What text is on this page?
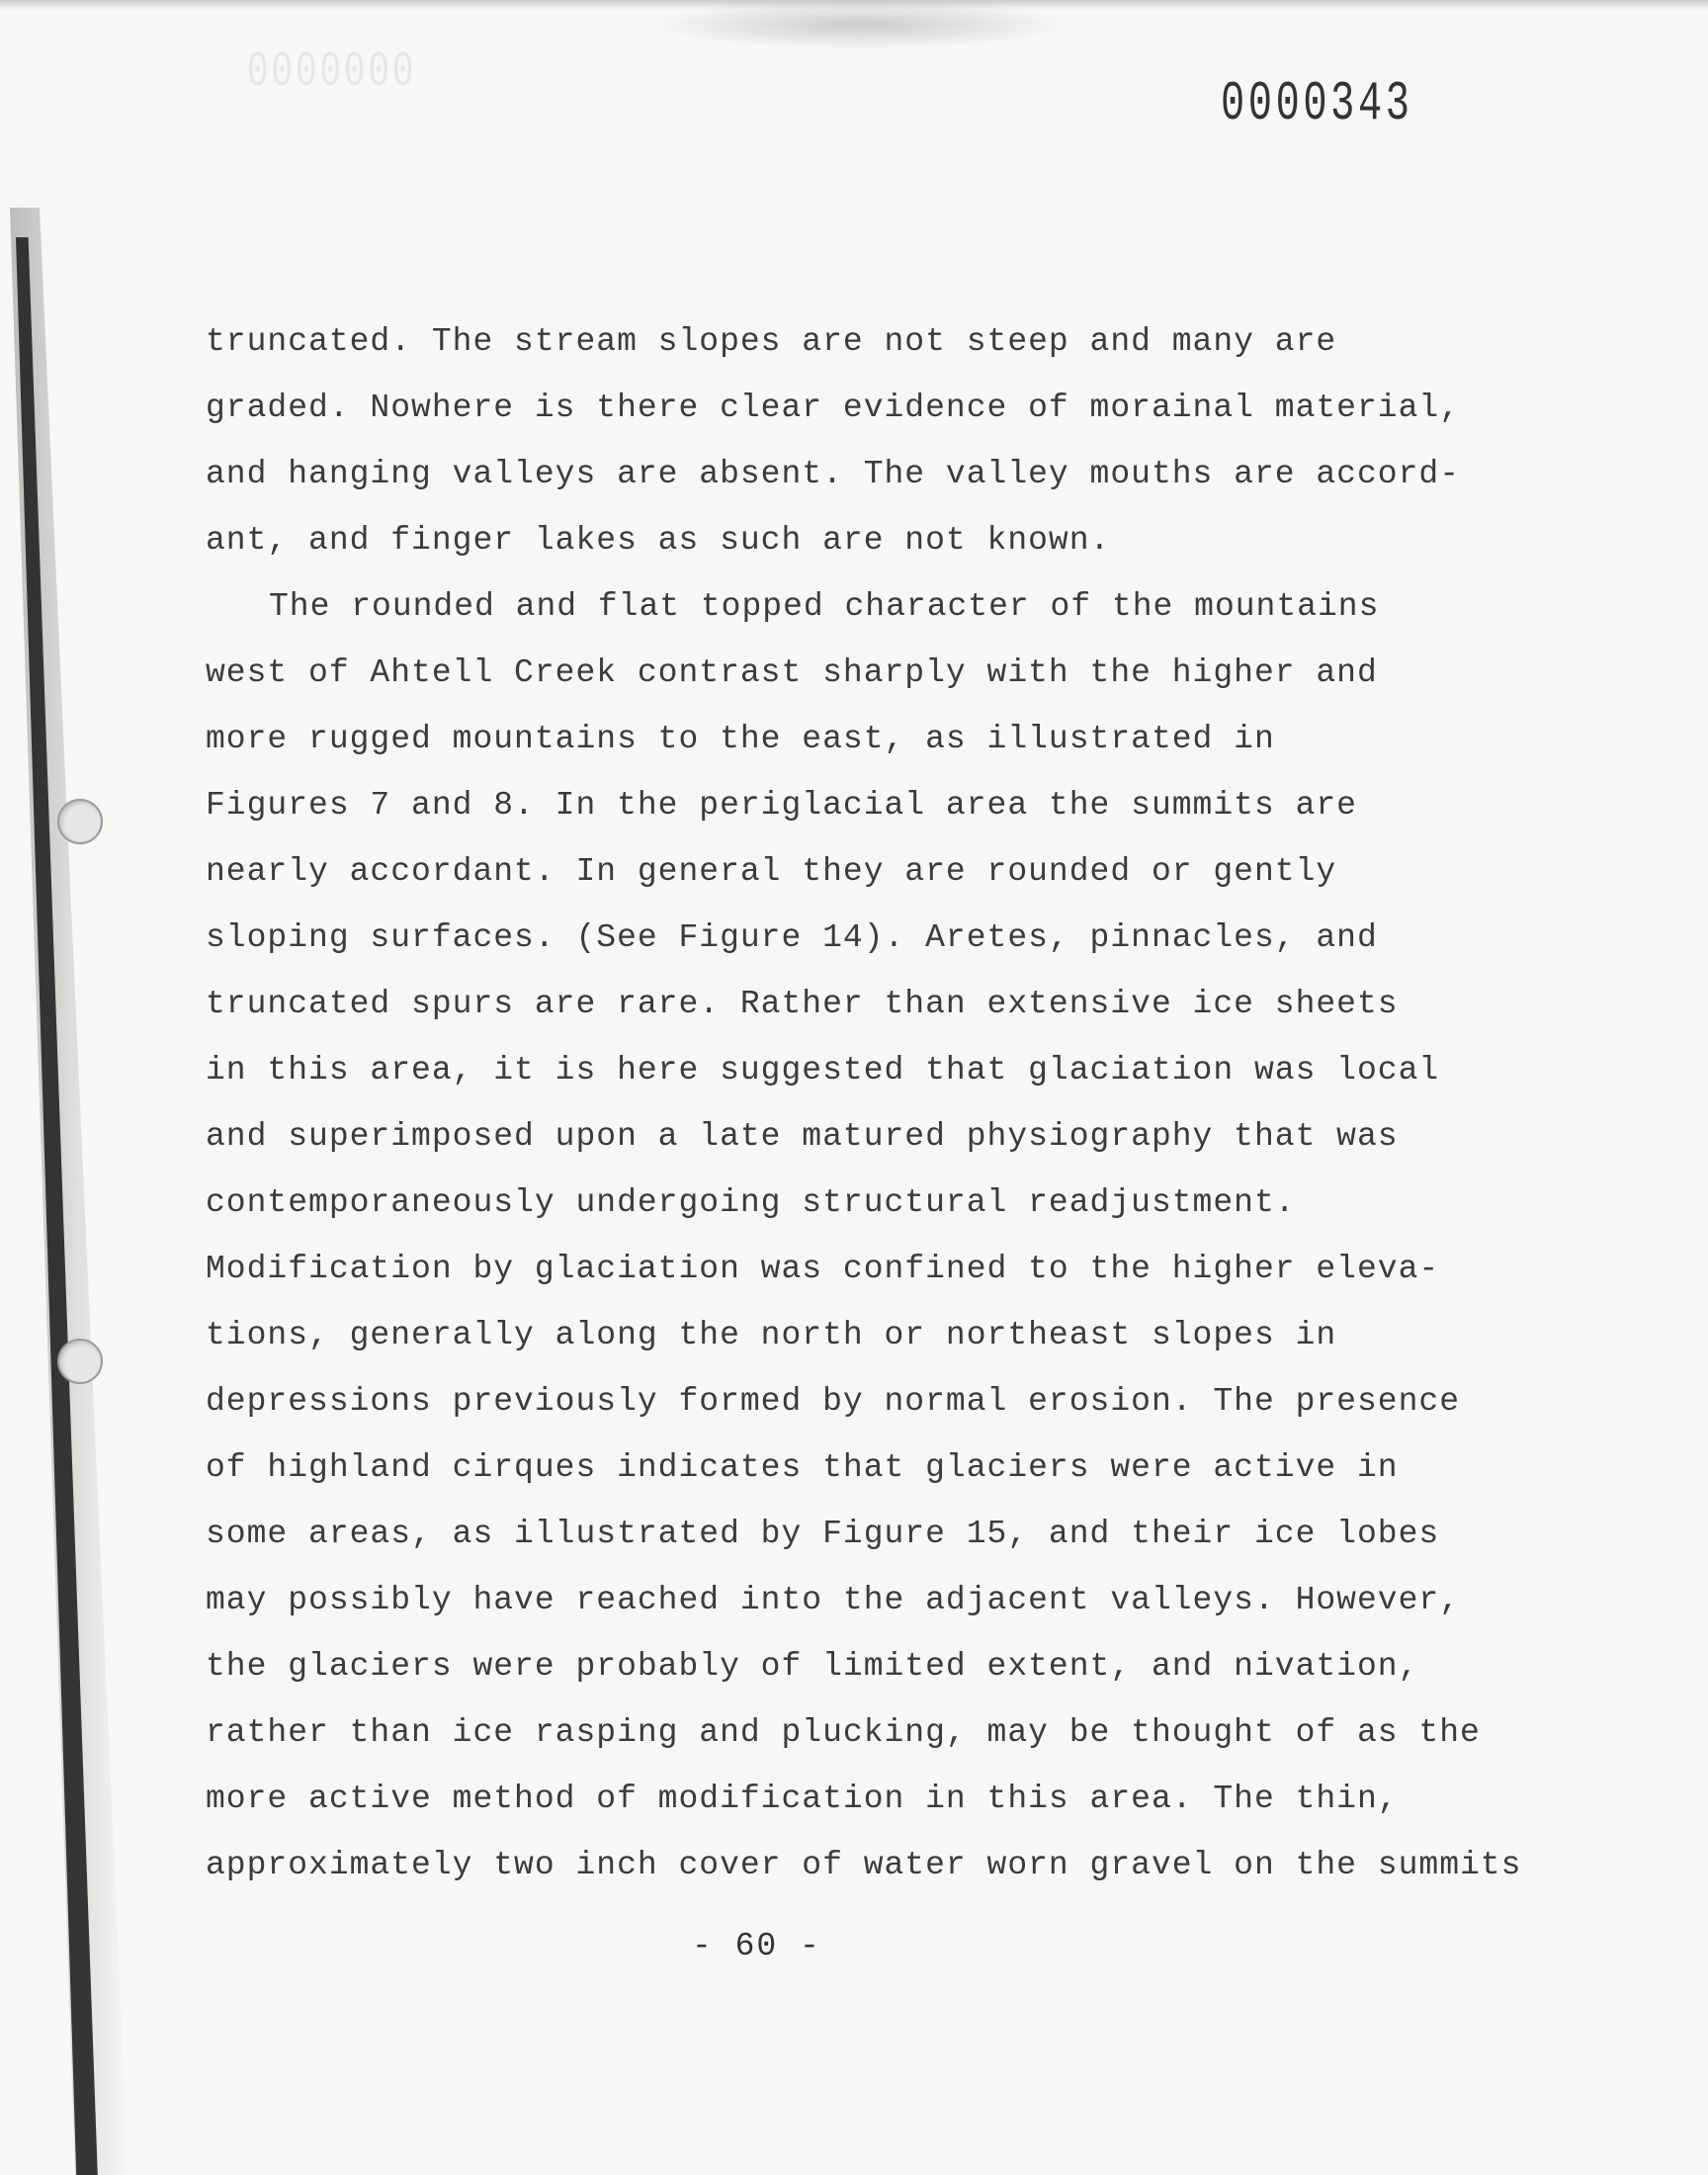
0000000	0000343
truncated. The stream slopes are not steep and many are
graded. Nowhere is there clear evidence of morainal material,
and hanging valleys are absent. The valley mouths are accord-
ant, and finger lakes as such are not known.
The rounded and flat topped character of the mountains
west of Ahtell Creek contrast sharply with the higher and
more rugged mountains to the east, as illustrated in
Figures 7 and 8. In the periglacial area the summits are
nearly accordant. In general they are rounded or gently
sloping surfaces. (See Figure 14). Aretes, pinnacles, and
truncated spurs are rare. Rather than extensive ice sheets
in this area, it is here suggested that glaciation was local
and superimposed upon a late matured physiography that was
contemporaneously undergoing structural readjustment.
Modification by glaciation was confined to the higher eleva-
tions, generally along the north or northeast slopes in
depressions previously formed by normal erosion. The presence
of highland cirques indicates that glaciers were active in
some areas, as illustrated by Figure 15, and their ice lobes
may possibly have reached into the adjacent valleys. However,
the glaciers were probably of limited extent, and nivation,
rather than ice rasping and plucking, may be thought of as the
more active method of modification in this area. The thin,
approximately two inch cover of water worn gravel on the summits
- 60 -
